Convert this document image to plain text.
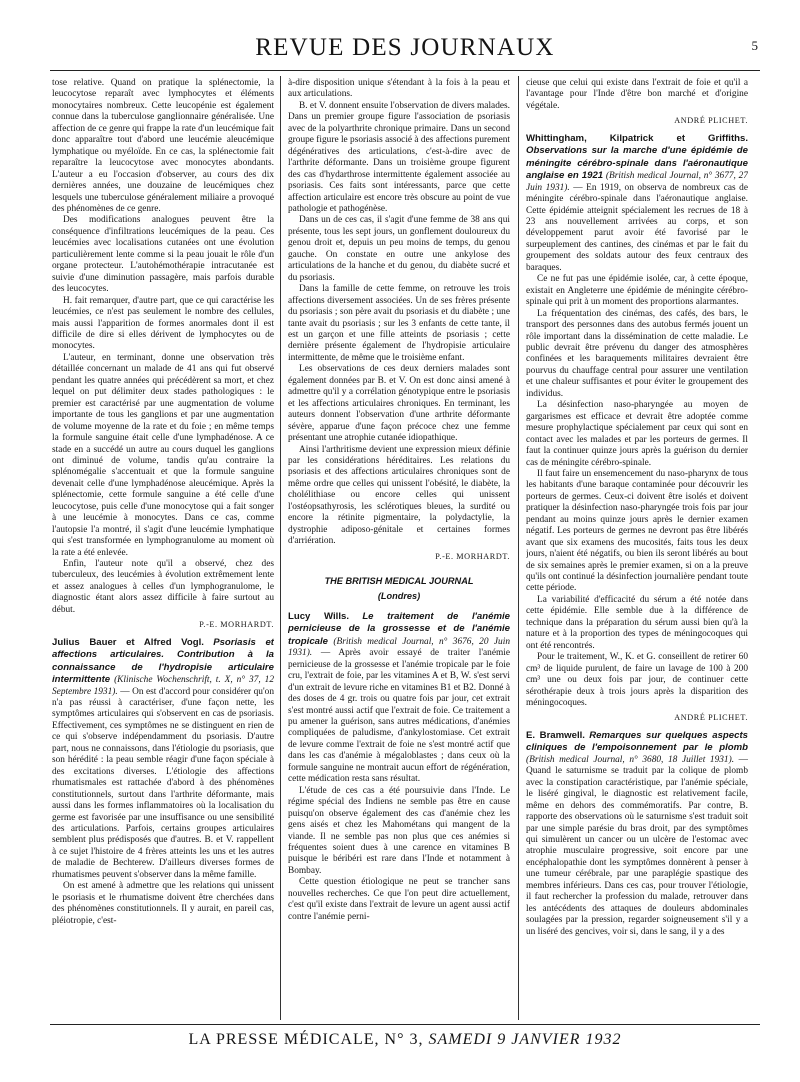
REVUE DES JOURNAUX	5

tose relative. Quand on pratique la splénectomie, la leucocytose reparaît avec lymphocytes et éléments monocytaires nombreux. Cette leucopénie est également connue dans la tuberculose ganglionnaire généralisée. Une affection de ce genre qui frappe la rate d'un leucémique fait donc apparaître tout d'abord une leucémie aleucémique lymphatique ou myéloïde. En ce cas, la splénectomie fait reparaître la leucocytose avec monocytes abondants. L'auteur a eu l'occasion d'observer, au cours des dix dernières années, une douzaine de leucémiques chez lesquels une tuberculose généralement miliaire a provoqué des phénomènes de ce genre.

Des modifications analogues peuvent être la conséquence d'infiltrations leucémiques de la peau. Ces leucémies avec localisations cutanées ont une évolution particulièrement lente comme si la peau jouait le rôle d'un organe protecteur. L'autohémothérapie intracutanée est suivie d'une diminution passagère, mais parfois durable des leucocytes.

H. fait remarquer, d'autre part, que ce qui caractérise les leucémies, ce n'est pas seulement le nombre des cellules, mais aussi l'apparition de formes anormales dont il est difficile de dire si elles dérivent de lymphocytes ou de monocytes.

L'auteur, en terminant, donne une observation très détaillée concernant un malade de 41 ans qui fut observé pendant les quatre années qui précédèrent sa mort, et chez lequel on put délimiter deux stades pathologiques : le premier est caractérisé par une augmentation de volume importante de tous les ganglions et par une augmentation de volume moyenne de la rate et du foie ; en même temps la formule sanguine était celle d'une lymphadénose. A ce stade en a succédé un autre au cours duquel les ganglions ont diminué de volume, tandis qu'au contraire la splénomégalie s'accentuait et que la formule sanguine devenait celle d'une lymphadénose aleucémique. Après la splénectomie, cette formule sanguine a été celle d'une leucocytose, puis celle d'une monocytose qui a fait songer à une leucémie à monocytes. Dans ce cas, comme l'autopsie l'a montré, il s'agit d'une leucémie lymphatique qui s'est transformée en lymphogranulome au moment où la rate a été enlevée.

Enfin, l'auteur note qu'il a observé, chez des tuberculeux, des leucémies à évolution extrêmement lente et assez analogues à celles d'un lymphogranulome, le diagnostic étant alors assez difficile à faire surtout au début.

P.-E. MORHARDT.

Julius Bauer et Alfred Vogl. Psoriasis et affections articulaires. Contribution à la connaissance de l'hydropisie articulaire intermittente (Klinische Wochenschrift, t. X, n° 37, 12 Septembre 1931). — On est d'accord pour considérer qu'on n'a pas réussi à caractériser, d'une façon nette, les symptômes articulaires qui s'observent en cas de psoriasis. Effectivement, ces symptômes ne se distinguent en rien de ce qui s'observe indépendamment du psoriasis. D'autre part, nous ne connaissons, dans l'étiologie du psoriasis, que son hérédité : la peau semble réagir d'une façon spéciale à des excitations diverses. L'étiologie des affections rhumatismales est rattachée d'abord à des phénomènes constitutionnels, surtout dans l'arthrite déformante, mais aussi dans les formes inflammatoires où la localisation du germe est favorisée par une insuffisance ou une sensibilité des articulations. Parfois, certains groupes articulaires semblent plus prédisposés que d'autres. B. et V. rappellent à ce sujet l'histoire de 4 frères atteints les uns et les autres de maladie de Bechterew. D'ailleurs diverses formes de rhumatismes peuvent s'observer dans la même famille.

On est amené à admettre que les relations qui unissent le psoriasis et le rhumatisme doivent être cherchées dans des phénomènes constitutionnels. Il y aurait, en pareil cas, pléiotropie, c'est-

à-dire disposition unique s'étendant à la fois à la peau et aux articulations.

B. et V. donnent ensuite l'observation de divers malades. Dans un premier groupe figure l'association de psoriasis avec de la polyarthrite chronique primaire. Dans un second groupe figure le psoriasis associé à des affections purement dégénératives des articulations, c'est-à-dire avec de l'arthrite déformante. Dans un troisième groupe figurent des cas d'hydarthrose intermittente également associée au psoriasis. Ces faits sont intéressants, parce que cette affection articulaire est encore très obscure au point de vue pathologie et pathogénèse.

Dans un de ces cas, il s'agit d'une femme de 38 ans qui présente, tous les sept jours, un gonflement douloureux du genou droit et, depuis un peu moins de temps, du genou gauche. On constate en outre une ankylose des articulations de la hanche et du genou, du diabète sucré et du psoriasis.

Dans la famille de cette femme, on retrouve les trois affections diversement associées. Un de ses frères présente du psoriasis ; son père avait du psoriasis et du diabète ; une tante avait du psoriasis ; sur les 3 enfants de cette tante, il est un garçon et une fille atteints de psoriasis ; cette dernière présente également de l'hydropisie articulaire intermittente, de même que le troisième enfant.

Les observations de ces deux derniers malades sont également données par B. et V. On est donc ainsi amené à admettre qu'il y a corrélation génotypique entre le psoriasis et les affections articulaires chroniques. En terminant, les auteurs donnent l'observation d'une arthrite déformante sévère, apparue d'une façon précoce chez une femme présentant une atrophie cutanée idiopathique.

Ainsi l'arthritisme devient une expression mieux définie par les considérations héréditaires. Les relations du psoriasis et des affections articulaires chroniques sont de même ordre que celles qui unissent l'obésité, le diabète, la cholélithiase ou encore celles qui unissent l'ostéopsathyrosis, les sclérotiques bleues, la surdité ou encore la rétinite pigmentaire, la polydactylie, la dystrophie adiposo-génitale et certaines formes d'arriération.

P.-E. MORHARDT.
THE BRITISH MEDICAL JOURNAL
(Londres)

Lucy Wills. Le traitement de l'anémie pernicieuse de la grossesse et de l'anémie tropicale (British medical Journal, n° 3676, 20 Juin 1931). — Après avoir essayé de traiter l'anémie pernicieuse de la grossesse et l'anémie tropicale par le foie cru, l'extrait de foie, par les vitamines A et B, W. s'est servi d'un extrait de levure riche en vitamines B1 et B2. Donné à des doses de 4 gr. trois ou quatre fois par jour, cet extrait s'est montré aussi actif que l'extrait de foie. Ce traitement a pu amener la guérison, sans autres médications, d'anémies compliquées de paludisme, d'ankylostomiase. Cet extrait de levure comme l'extrait de foie ne s'est montré actif que dans les cas d'anémie à mégaloblastes ; dans ceux où la formule sanguine ne montrait aucun effort de régénération, cette médication resta sans résultat.

L'étude de ces cas a été poursuivie dans l'Inde. Le régime spécial des Indiens ne semble pas être en cause puisqu'on observe également des cas d'anémie chez les gens aisés et chez les Mahométans qui mangent de la viande. Il ne semble pas non plus que ces anémies si fréquentes soient dues à une carence en vitamines B puisque le béribéri est rare dans l'Inde et notamment à Bombay.

Cette question étiologique ne peut se trancher sans nouvelles recherches. Ce que l'on peut dire actuellement, c'est qu'il existe dans l'extrait de levure un agent aussi actif contre l'anémie perni-

cieuse que celui qui existe dans l'extrait de foie et qu'il a l'avantage pour l'Inde d'être bon marché et d'origine végétale.

ANDRÉ PLICHET.

Whittingham, Kilpatrick et Griffiths. Observations sur la marche d'une épidémie de méningite cérébro-spinale dans l'aéronautique anglaise en 1921 (British medical Journal, n° 3677, 27 Juin 1931). — En 1919, on observa de nombreux cas de méningite cérébro-spinale dans l'aéronautique anglaise. Cette épidémie atteignit spécialement les recrues de 18 à 23 ans nouvellement arrivées au corps, et son développement parut avoir été favorisé par le surpeuplement des cantines, des cinémas et par le fait du groupement des soldats autour des feux centraux des baraques.

Ce ne fut pas une épidémie isolée, car, à cette époque, existait en Angleterre une épidémie de méningite cérébro-spinale qui prit à un moment des proportions alarmantes.

La fréquentation des cinémas, des cafés, des bars, le transport des personnes dans des autobus fermés jouent un rôle important dans la dissémination de cette maladie. Le public devrait être prévenu du danger des atmosphères confinées et les baraquements militaires devraient être pourvus du chauffage central pour assurer une ventilation et une chaleur suffisantes et pour éviter le groupement des individus.

La désinfection naso-pharyngée au moyen de gargarismes est efficace et devrait être adoptée comme mesure prophylactique spécialement par ceux qui sont en contact avec les malades et par les porteurs de germes. Il faut la continuer quinze jours après la guérison du dernier cas de méningite cérébro-spinale.

Il faut faire un ensemencement du naso-pharynx de tous les habitants d'une baraque contaminée pour découvrir les porteurs de germes. Ceux-ci doivent être isolés et doivent pratiquer la désinfection naso-pharyngée trois fois par jour pendant au moins quinze jours après le dernier examen négatif. Les porteurs de germes ne devront pas être libérés avant que six examens des mucosités, faits tous les deux jours, n'aient été négatifs, ou bien ils seront libérés au bout de six semaines après le premier examen, si on a la preuve qu'ils ont continué la désinfection journalière pendant toute cette période.

La variabilité d'efficacité du sérum a été notée dans cette épidémie. Elle semble due à la différence de technique dans la préparation du sérum aussi bien qu'à la nature et à la proportion des types de méningocoques qui ont été rencontrés.

Pour le traitement, W., K. et G. conseillent de retirer 60 cm³ de liquide purulent, de faire un lavage de 100 à 200 cm³ une ou deux fois par jour, de continuer cette sérothérapie deux à trois jours après la disparition des méningocoques.

ANDRÉ PLICHET.

E. Bramwell. Remarques sur quelques aspects cliniques de l'empoisonnement par le plomb (British medical Journal, n° 3680, 18 Juillet 1931). — Quand le saturnisme se traduit par la colique de plomb avec la constipation caractéristique, par l'anémie spéciale, le liséré gingival, le diagnostic est relativement facile, même en dehors des commémoratifs. Par contre, B. rapporte des observations où le saturnisme s'est traduit soit par une simple parésie du bras droit, par des symptômes qui simulèrent un cancer ou un ulcère de l'estomac avec atrophie musculaire progressive, soit encore par une encéphalopathie dont les symptômes donnèrent à penser à une tumeur cérébrale, par une paraplégie spastique des membres inférieurs. Dans ces cas, pour trouver l'étiologie, il faut rechercher la profession du malade, retrouver dans les antécédents des attaques de douleurs abdominales soulagées par la pression, regarder soigneusement s'il y a un liséré des gencives, voir si, dans le sang, il y a des

LA PRESSE MÉDICALE, N° 3, SAMEDI 9 JANVIER 1932
